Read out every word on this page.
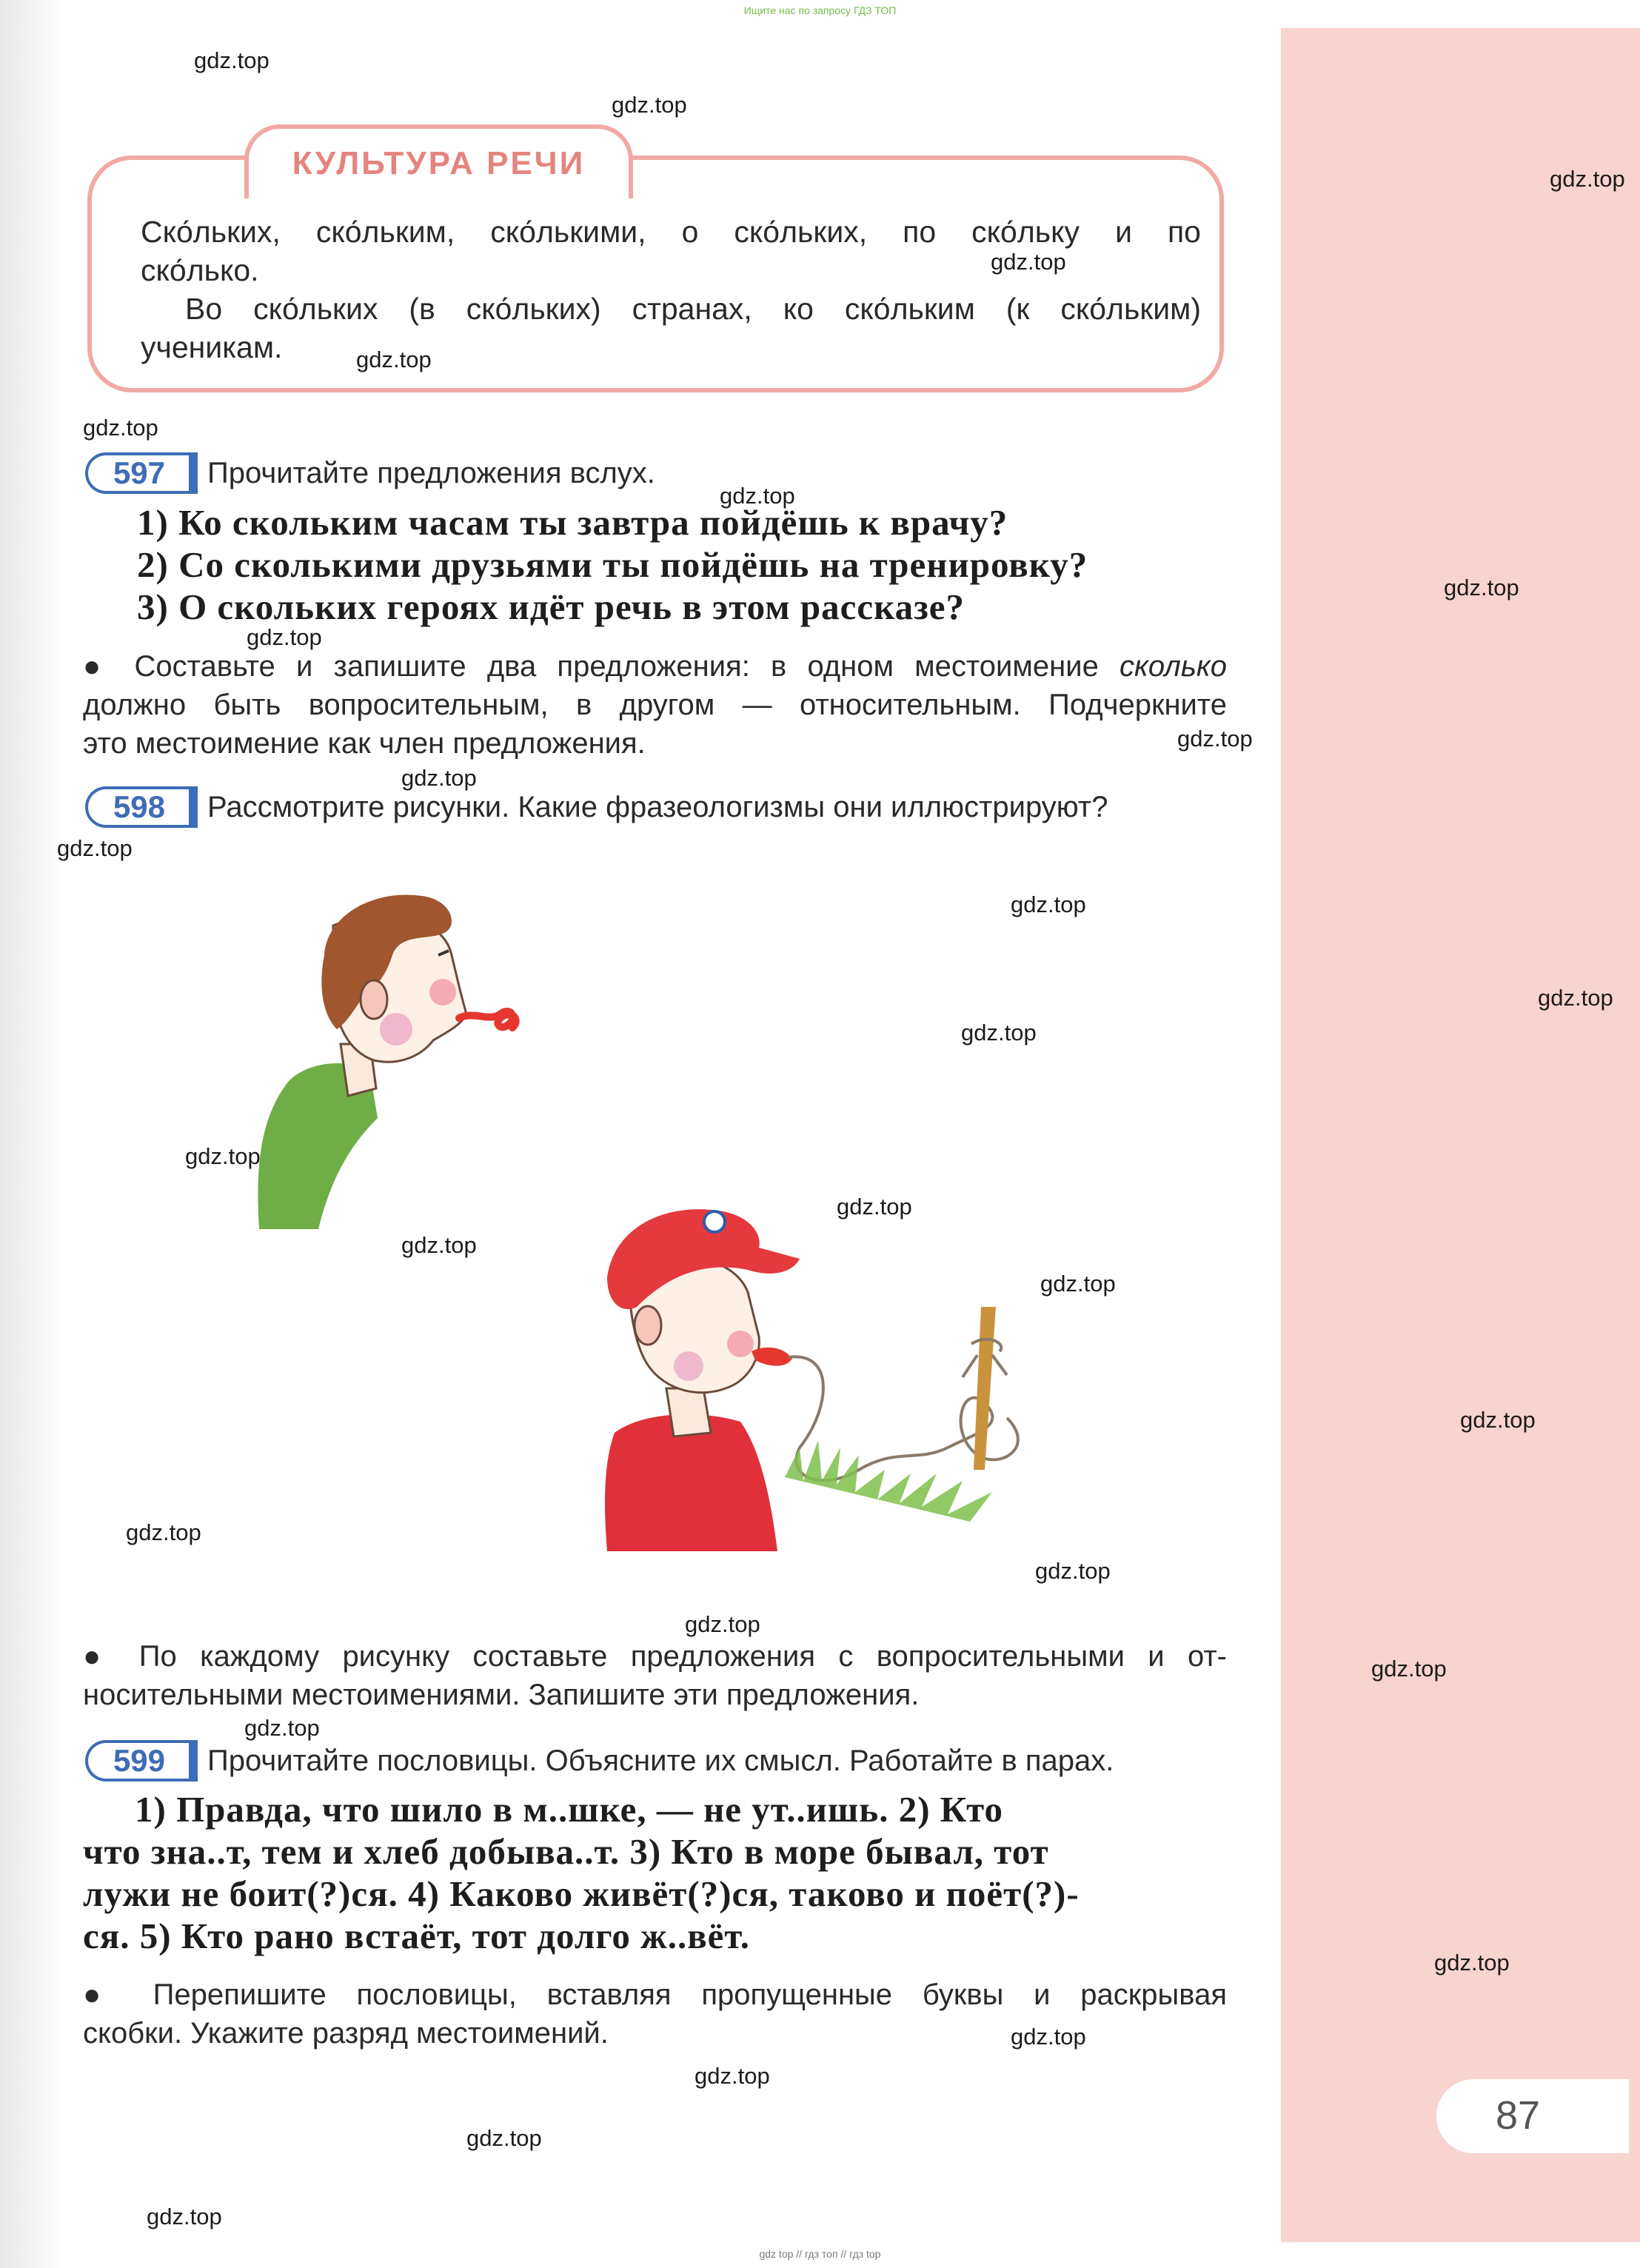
Ищите нас по запросу ГДЗ ТОП
КУЛЬТУРА РЕЧИ
Ско́льких, ско́льким, ско́лькими, о ско́льких, по ско́льку и по
ско́лько.
Во ско́льких (в ско́льких) странах, ко ско́льким (к ско́льким)
ученикам.
597	Прочитайте предложения вслух.
1) Ко скольким часам ты завтра пойдёшь к врачу?
2) Со сколькими друзьями ты пойдёшь на тренировку?
3) О скольких героях идёт речь в этом рассказе?
● Составьте и запишите два предложения: в одном местоимение сколько
должно быть вопросительным, в другом — относительным. Подчеркните
это местоимение как член предложения.
598	Рассмотрите рисунки. Какие фразеологизмы они иллюстрируют?
● По каждому рисунку составьте предложения с вопросительными и от-
носительными местоимениями. Запишите эти предложения.
599	Прочитайте пословицы. Объясните их смысл. Работайте в парах.
1) Правда, что шило в м..шке, — не ут..ишь. 2) Кто
что зна..т, тем и хлеб добыва..т. 3) Кто в море бывал, тот
лужи не боит(?)ся. 4) Каково живёт(?)ся, таково и поёт(?)-
ся. 5) Кто рано встаёт, тот долго ж..вёт.
● Перепишите пословицы, вставляя пропущенные буквы и раскрывая
скобки. Укажите разряд местоимений.
87
gdz.top
gdz.top
gdz.top
gdz.top
gdz.top
gdz.top
gdz.top
gdz.top
gdz.top
gdz.top
gdz.top
gdz.top
gdz.top
gdz.top
gdz.top
gdz.top
gdz.top
gdz.top
gdz.top
gdz.top
gdz.top
gdz.top
gdz.top
gdz.top
gdz.top
gdz.top
gdz.top
gdz.top
gdz.top
gdz.top
gdz top // гдз топ // гдз top
